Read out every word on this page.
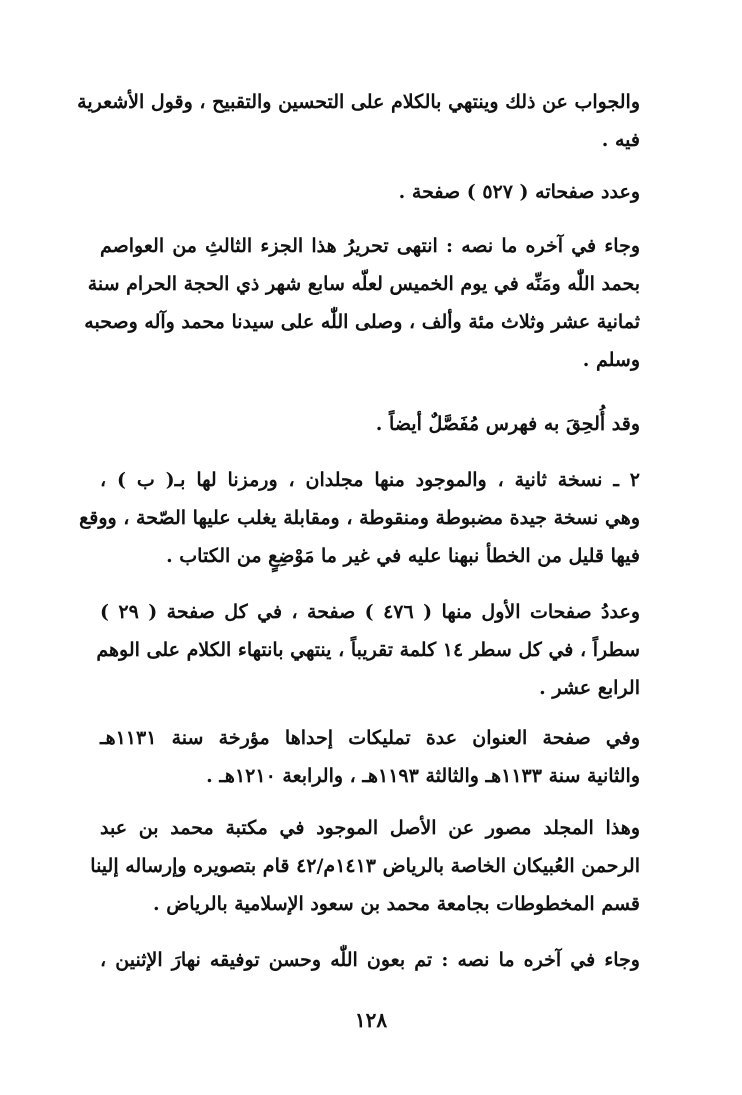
والجواب عن ذلك وينتهي بالكلام على التحسين والتقبيح ، وقول الأشعرية
فيه .
وعدد صفحاته ( ٥٢٧ ) صفحة .
وجاء في آخره ما نصه : انتهى تحريرُ هذا الجزء الثالثِ من العواصم
بحمد اللّٰه ومَنِّه في يوم الخميس لعلّه سابع شهر ذي الحجة الحرام سنة
ثمانية عشر وثلاث مئة وألف ، وصلى اللّٰه على سيدنا محمد وآله وصحبه
وسلم .
وقد أُلحِقَ به فهرس مُفَصَّلٌ أيضاً .
٢ ـ نسخة ثانية ، والموجود منها مجلدان ، ورمزنا لها بـ( ب ) ،
وهي نسخة جيدة مضبوطة ومنقوطة ، ومقابلة يغلب عليها الصّحة ، ووقع
فيها قليل من الخطأ نبهنا عليه في غير ما مَوْضِعٍ من الكتاب .
وعددُ صفحات الأول منها ( ٤٧٦ ) صفحة ، في كل صفحة ( ٢٩ )
سطراً ، في كل سطر ١٤ كلمة تقريباً ، ينتهي بانتهاء الكلام على الوهم
الرابع عشر .
وفي صفحة العنوان عدة تمليكات إحداها مؤرخة سنة ١١٣١هـ
والثانية سنة ١١٣٣هـ والثالثة ١١٩٣هـ ، والرابعة ١٢١٠هـ .
وهذا المجلد مصور عن الأصل الموجود في مكتبة محمد بن عبد
الرحمن العُبيكان الخاصة بالرياض ١٤١٣م/٤٢ قام بتصويره وإرساله إلينا
قسم المخطوطات بجامعة محمد بن سعود الإسلامية بالرياض .
وجاء في آخره ما نصه : تم بعون اللّٰه وحسن توفيقه نهارَ الإثنين ،
١٢٨
